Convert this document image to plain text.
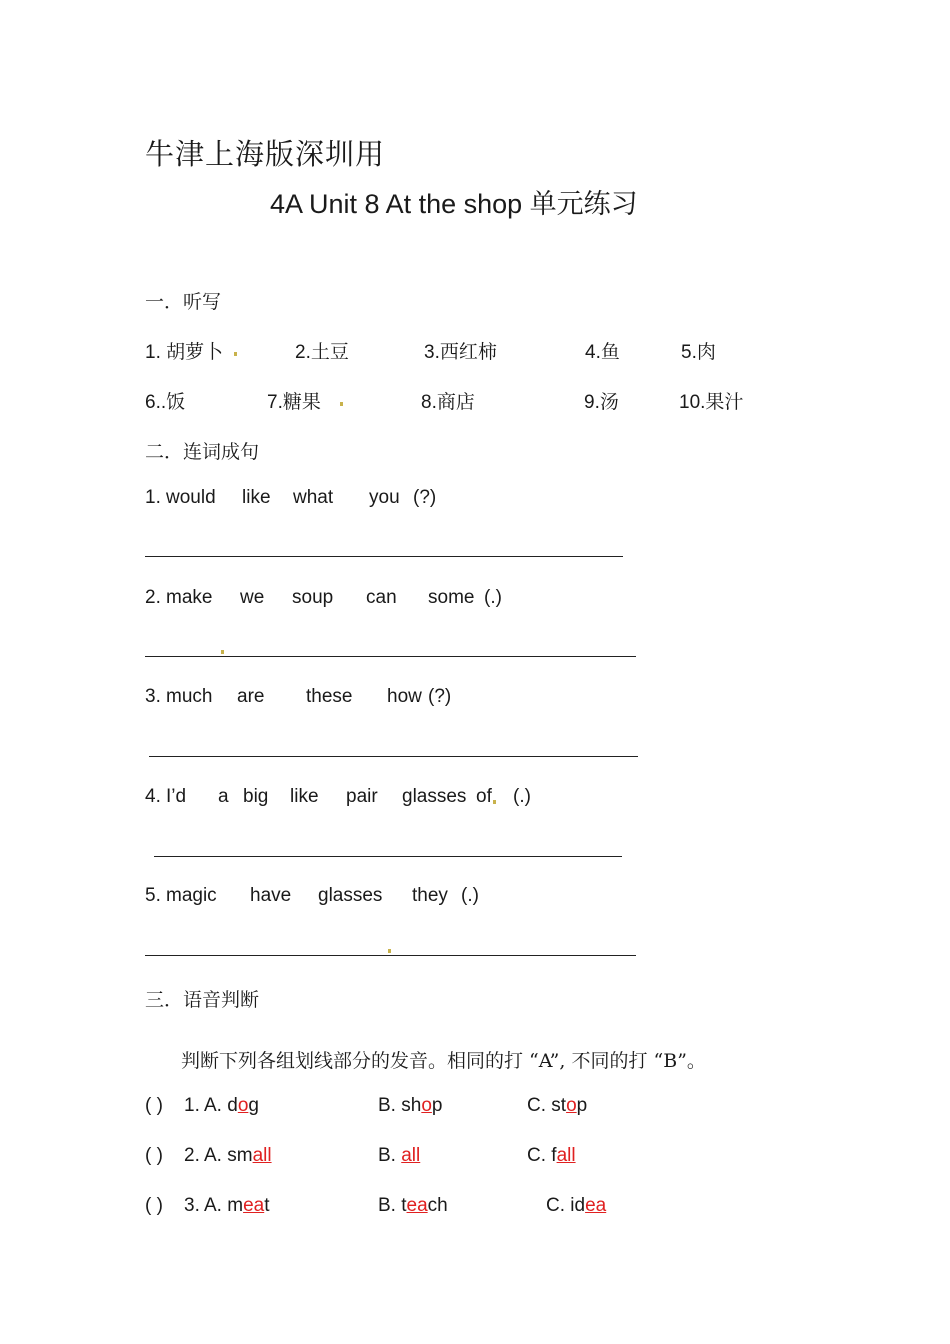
牛津上海版深圳用
4A Unit 8 At the shop 单元练习
一．听写
1. 胡萝卜	2.土豆	3.西红柿	4.鱼	5.肉
6..饭	7.糖果	8.商店	9.汤	10.果汁
二．连词成句
1. would like what you (?)
2. make we soup can some (.)
3. much are these how (?)
4. I’d a big like pair glasses of (.)
5. magic have glasses they (.)
三．语音判断
判断下列各组划线部分的发音。相同的打 “A”, 不同的打 “B”。
( ) 1. A. dog	B. shop	C. stop
( ) 2. A. small	B. all	C. fall
( ) 3. A. meat	B. teach	C. idea
